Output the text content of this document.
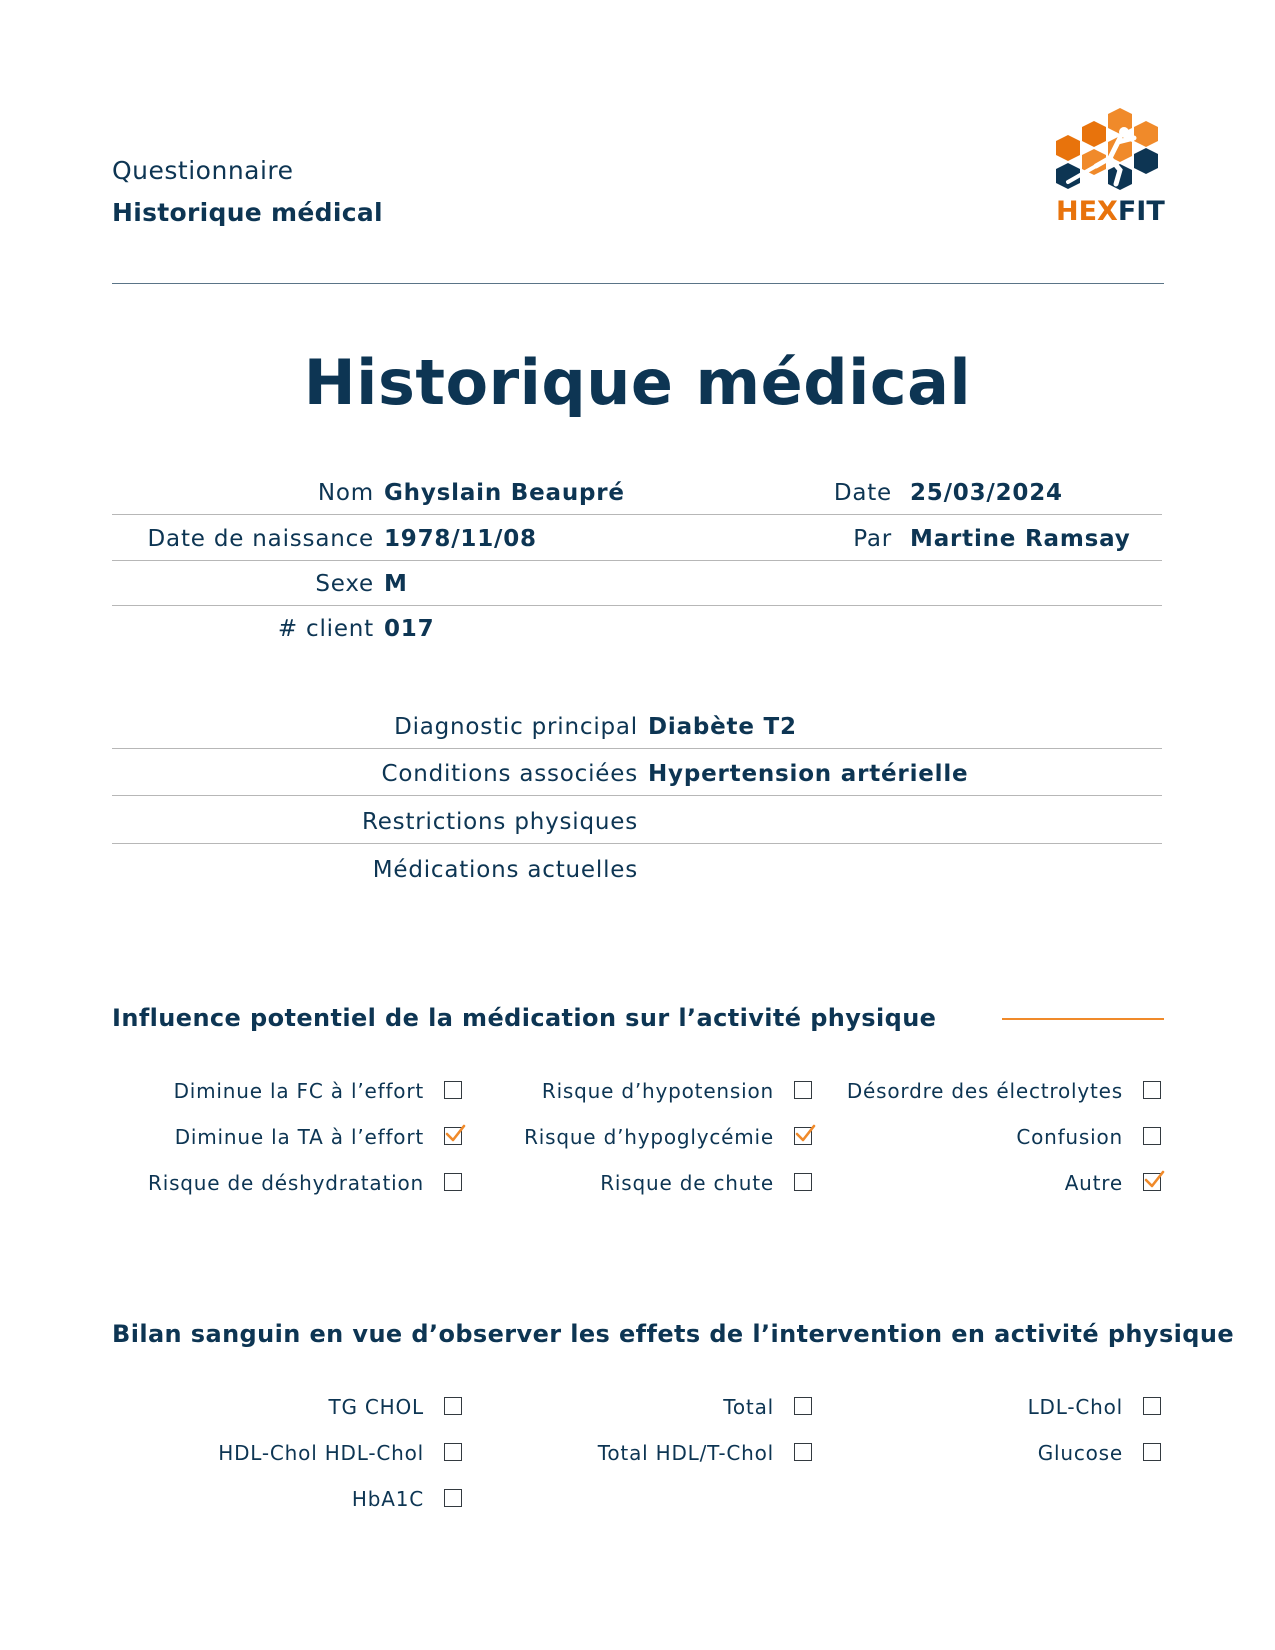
Questionnaire
Historique médical	HEXFIT
Historique médical
Nom Ghyslain Beaupré	Date 25/03/2024
Date de naissance 1978/11/08	Par Martine Ramsay
Sexe M
# client 017
Diagnostic principal Diabète T2
Conditions associées Hypertension artérielle
Restrictions physiques
Médications actuelles
Influence potentiel de la médication sur l’activité physique
Diminue la FC à l’effort	Risque d’hypotension	Désordre des électrolytes
Diminue la TA à l’effort	Risque d’hypoglycémie	Confusion
Risque de déshydratation	Risque de chute	Autre
Bilan sanguin en vue d’observer les effets de l’intervention en activité physique
TG CHOL	Total	LDL-Chol
HDL-Chol HDL-Chol	Total HDL/T-Chol	Glucose
HbA1C
